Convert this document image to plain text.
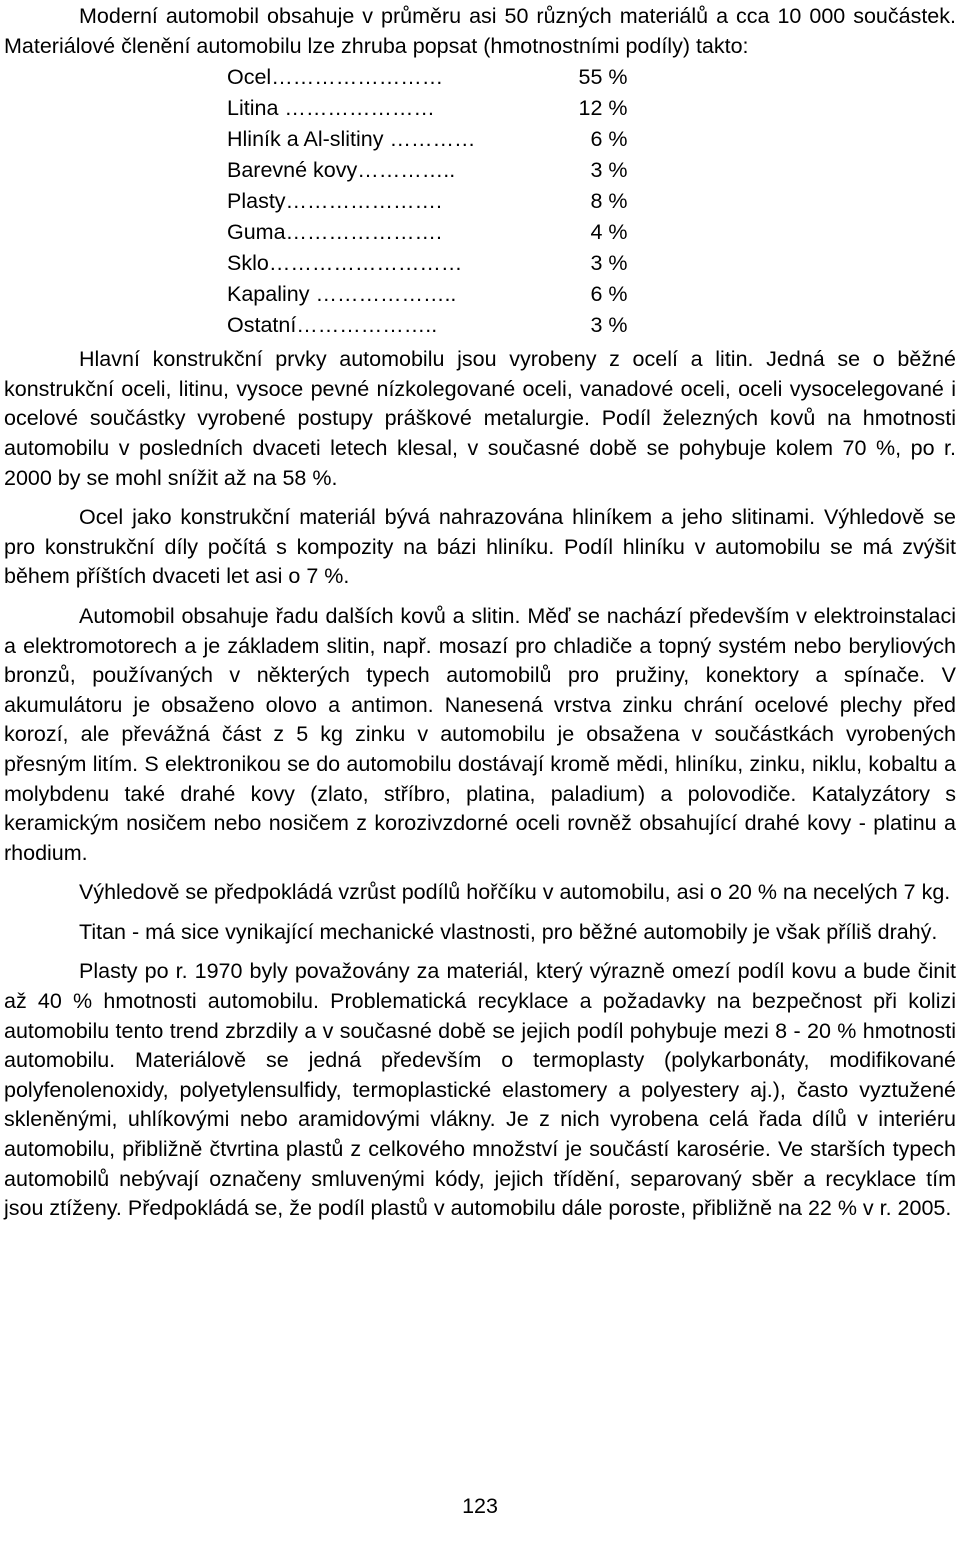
Moderní automobil obsahuje v průměru asi 50 různých materiálů a cca 10 000 součástek. Materiálové členění automobilu lze zhruba popsat (hmotnostními podíly) takto:

Ocel……………………	55 %
Litina …………………	12 %
Hliník a Al-slitiny …………	6 %
Barevné kovy…………..	3 %
Plasty………………….	8 %
Guma………………….	4 %
Sklo………………………	3 %
Kapaliny ………………..	6 %
Ostatní………………..	3 %

Hlavní konstrukční prvky automobilu jsou vyrobeny z ocelí a litin. Jedná se o běžné konstrukční oceli, litinu, vysoce pevné nízkolegované oceli, vanadové oceli, oceli vysocelegované i ocelové součástky vyrobené postupy práškové metalurgie. Podíl železných kovů na hmotnosti automobilu v posledních dvaceti letech klesal, v současné době se pohybuje kolem 70 %, po r. 2000 by se mohl snížit až na 58 %.

Ocel jako konstrukční materiál bývá nahrazována hliníkem a jeho slitinami. Výhledově se pro konstrukční díly počítá s kompozity na bázi hliníku. Podíl hliníku v automobilu se má zvýšit během příštích dvaceti let asi o 7 %.

Automobil obsahuje řadu dalších kovů a slitin. Měď se nachází především v elektroinstalaci a elektromotorech a je základem slitin, např. mosazí pro chladiče a topný systém nebo beryliových bronzů, používaných v některých typech automobilů pro pružiny, konektory a spínače. V akumulátoru je obsaženo olovo a antimon. Nanesená vrstva zinku chrání ocelové plechy před korozí, ale převážná část z 5 kg zinku v automobilu je obsažena v součástkách vyrobených přesným litím. S elektronikou se do automobilu dostávají kromě mědi, hliníku, zinku, niklu, kobaltu a molybdenu také drahé kovy (zlato, stříbro, platina, paladium) a polovodiče. Katalyzátory s keramickým nosičem nebo nosičem z korozivzdorné oceli rovněž obsahující drahé kovy - platinu a rhodium.

Výhledově se předpokládá vzrůst podílů hořčíku v automobilu, asi o 20 % na necelých 7 kg.

Titan - má sice vynikající mechanické vlastnosti, pro běžné automobily je však příliš drahý.

Plasty po r. 1970 byly považovány za materiál, který výrazně omezí podíl kovu a bude činit až 40 % hmotnosti automobilu. Problematická recyklace a požadavky na bezpečnost při kolizi automobilu tento trend zbrzdily a v současné době se jejich podíl pohybuje mezi 8 - 20 % hmotnosti automobilu. Materiálově se jedná především o termoplasty (polykarbonáty, modifikované polyfenolenoxidy, polyetylensulfidy, termoplastické elastomery a polyestery aj.), často vyztužené skleněnými, uhlíkovými nebo aramidovými vlákny. Je z nich vyrobena celá řada dílů v interiéru automobilu, přibližně čtvrtina plastů z celkového množství je součástí karosérie. Ve starších typech automobilů nebývají označeny smluvenými kódy, jejich třídění, separovaný sběr a recyklace tím jsou ztíženy. Předpokládá se, že podíl plastů v automobilu dále poroste, přibližně na 22 % v r. 2005.

123
